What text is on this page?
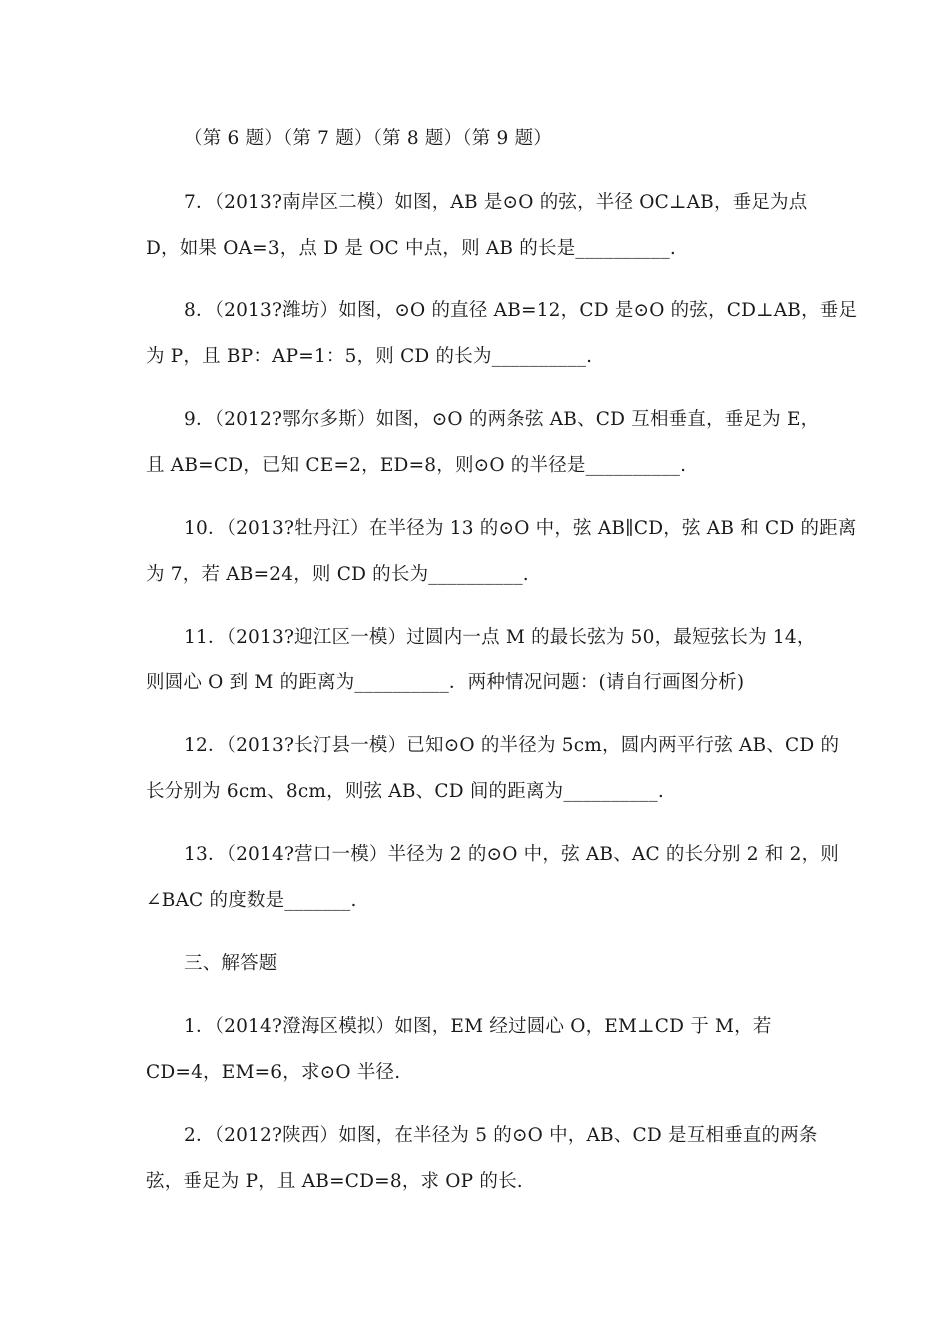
（第 6 题）（第 7 题）（第 8 题）（第 9 题）
7．（2013?南岸区二模）如图，AB 是⊙O 的弦，半径 OC⊥AB，垂足为点
D，如果 OA=3，点 D 是 OC 中点，则 AB 的长是__________.
8．（2013?潍坊）如图，⊙O 的直径 AB=12，CD 是⊙O 的弦，CD⊥AB，垂足
为 P，且 BP：AP=1：5，则 CD 的长为__________.
9．（2012?鄂尔多斯）如图，⊙O 的两条弦 AB、CD 互相垂直，垂足为 E，
且 AB=CD，已知 CE=2，ED=8，则⊙O 的半径是__________.
10．（2013?牡丹江）在半径为 13 的⊙O 中，弦 AB∥CD，弦 AB 和 CD 的距离
为 7，若 AB=24，则 CD 的长为__________.
11．（2013?迎江区一模）过圆内一点 M 的最长弦为 50，最短弦长为 14，
则圆心 O 到 M 的距离为__________．两种情况问题：(请自行画图分析)
12．（2013?长汀县一模）已知⊙O 的半径为 5cm，圆内两平行弦 AB、CD 的
长分别为 6cm、8cm，则弦 AB、CD 间的距离为__________.
13．（2014?营口一模）半径为 2 的⊙O 中，弦 AB、AC 的长分别 2 和 2，则
∠BAC 的度数是_______.
三、解答题
1．（2014?澄海区模拟）如图，EM 经过圆心 O，EM⊥CD 于 M，若
CD=4，EM=6，求⊙O 半径.
2．（2012?陕西）如图，在半径为 5 的⊙O 中，AB、CD 是互相垂直的两条
弦，垂足为 P，且 AB=CD=8，求 OP 的长.
